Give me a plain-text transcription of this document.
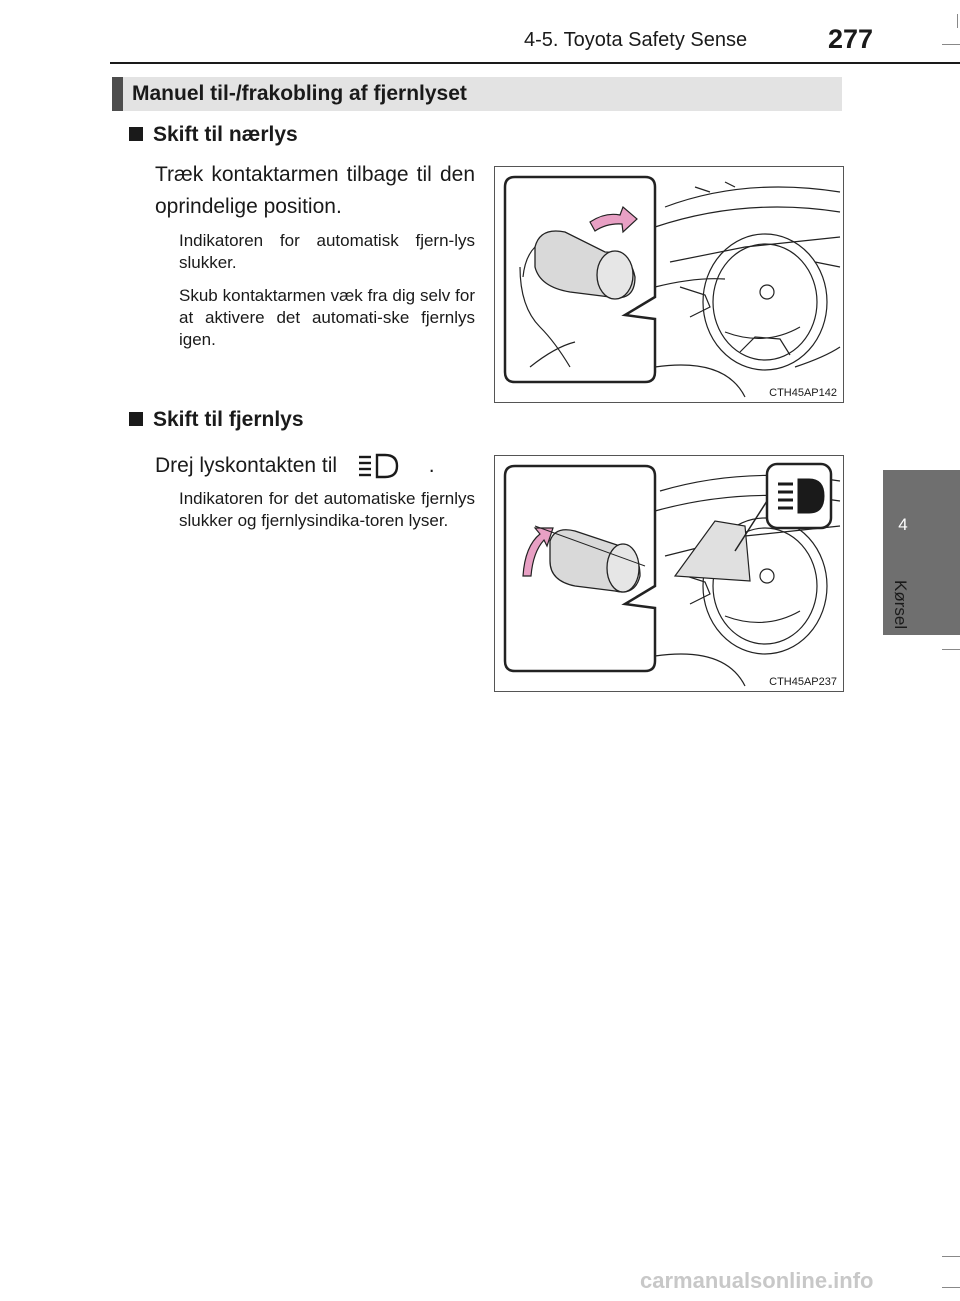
4-5. Toyota Safety Sense	277
Manuel til-/frakobling af fjernlyset
Skift til nærlys
Træk kontaktarmen tilbage til den oprindelige position.
Indikatoren for automatisk fjern-lys slukker.
Skub kontaktarmen væk fra dig selv for at aktivere det automati-ske fjernlys igen.
CTH45AP142
Skift til fjernlys
Drej lyskontakten til	.
Indikatoren for det automatiske fjernlys slukker og fjernlysindika-toren lyser.
CTH45AP237
4
Kørsel
carmanualsonline.info
